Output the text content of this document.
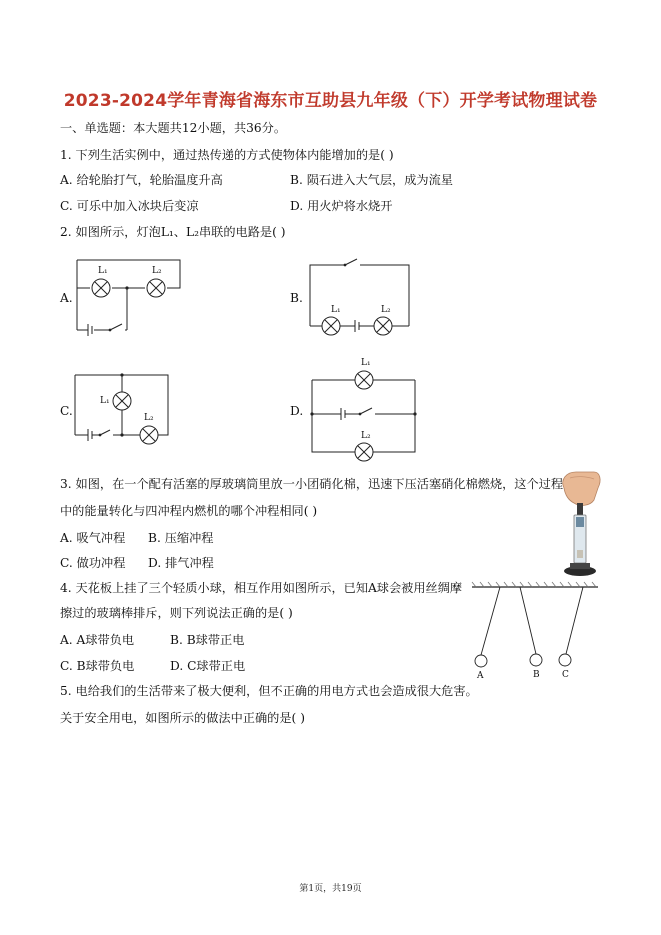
2023-2024学年青海省海东市互助县九年级（下）开学考试物理试卷
一、单选题：本大题共12小题，共36分。
1. 下列生活实例中，通过热传递的方式使物体内能增加的是( )
A. 给轮胎打气，轮胎温度升高	B. 陨石进入大气层，成为流星
C. 可乐中加入冰块后变凉	D. 用火炉将水烧开
2. 如图所示，灯泡L₁、L₂串联的电路是( )
A.	B.
C.	D.
L₁	L₂
L₁	L₂
L₁
L₂
L₁
L₂
3. 如图，在一个配有活塞的厚玻璃筒里放一小团硝化棉，迅速下压活塞硝化棉燃烧，这个过程
中的能量转化与四冲程内燃机的哪个冲程相同( )
A. 吸气冲程 B. 压缩冲程
C. 做功冲程 D. 排气冲程
4. 天花板上挂了三个轻质小球，相互作用如图所示，已知A球会被用丝绸摩
擦过的玻璃棒排斥，则下列说法正确的是( )
A. A球带负电	B. B球带正电
C. B球带负电	D. C球带正电
A	B C
5. 电给我们的生活带来了极大便利，但不正确的用电方式也会造成很大危害。
关于安全用电，如图所示的做法中正确的是( )
第1页，共19页
